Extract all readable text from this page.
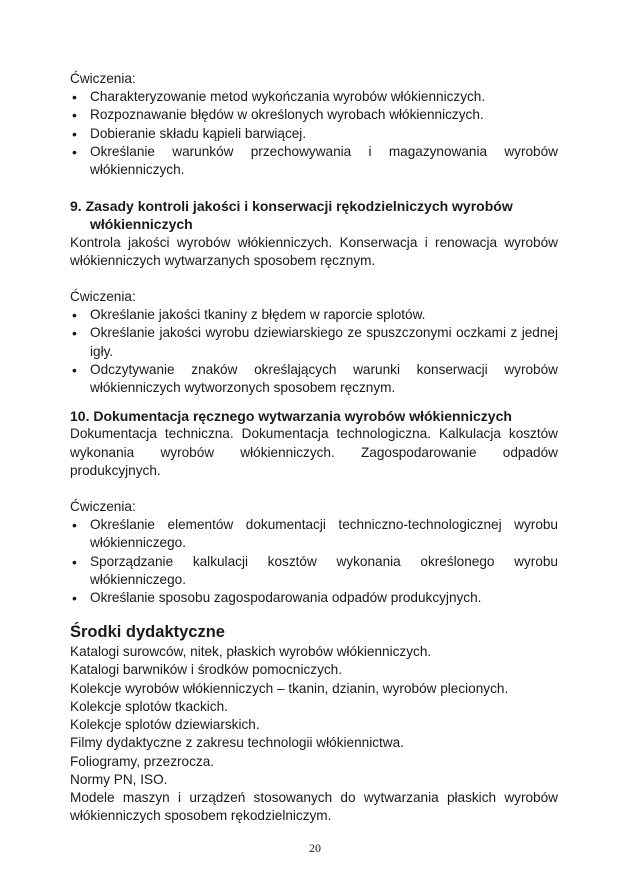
Ćwiczenia:

• Charakteryzowanie metod wykończania wyrobów włókienniczych.
• Rozpoznawanie błędów w określonych wyrobach włókienniczych.
• Dobieranie składu kąpieli barwiącej.
• Określanie warunków przechowywania i magazynowania wyrobów włókienniczych.

9. Zasady kontroli jakości i konserwacji rękodzielniczych wyrobów włókienniczych

Kontrola jakości wyrobów włókienniczych. Konserwacja i renowacja wyrobów włókienniczych wytwarzanych sposobem ręcznym.

Ćwiczenia:

• Określanie jakości tkaniny z błędem w raporcie splotów.
• Określanie jakości wyrobu dziewiarskiego ze spuszczonymi oczkami z jednej igły.
• Odczytywanie znaków określających warunki konserwacji wyrobów włókienniczych wytworzonych sposobem ręcznym.

10. Dokumentacja ręcznego wytwarzania wyrobów włókienniczych

Dokumentacja techniczna. Dokumentacja technologiczna. Kalkulacja kosztów wykonania wyrobów włókienniczych. Zagospodarowanie odpadów produkcyjnych.

Ćwiczenia:

• Określanie elementów dokumentacji techniczno-technologicznej wyrobu włókienniczego.
• Sporządzanie kalkulacji kosztów wykonania określonego wyrobu włókienniczego.
• Określanie sposobu zagospodarowania odpadów produkcyjnych.

Środki dydaktyczne

Katalogi surowców, nitek, płaskich wyrobów włókienniczych.

Katalogi barwników i środków pomocniczych.

Kolekcje wyrobów włókienniczych – tkanin, dzianin, wyrobów plecionych.

Kolekcje splotów tkackich.

Kolekcje splotów dziewiarskich.

Filmy dydaktyczne z zakresu technologii włókiennictwa.

Foliogramy, przezrocza.

Normy PN, ISO.

Modele maszyn i urządzeń stosowanych do wytwarzania płaskich wyrobów włókienniczych sposobem rękodzielniczym.

20
